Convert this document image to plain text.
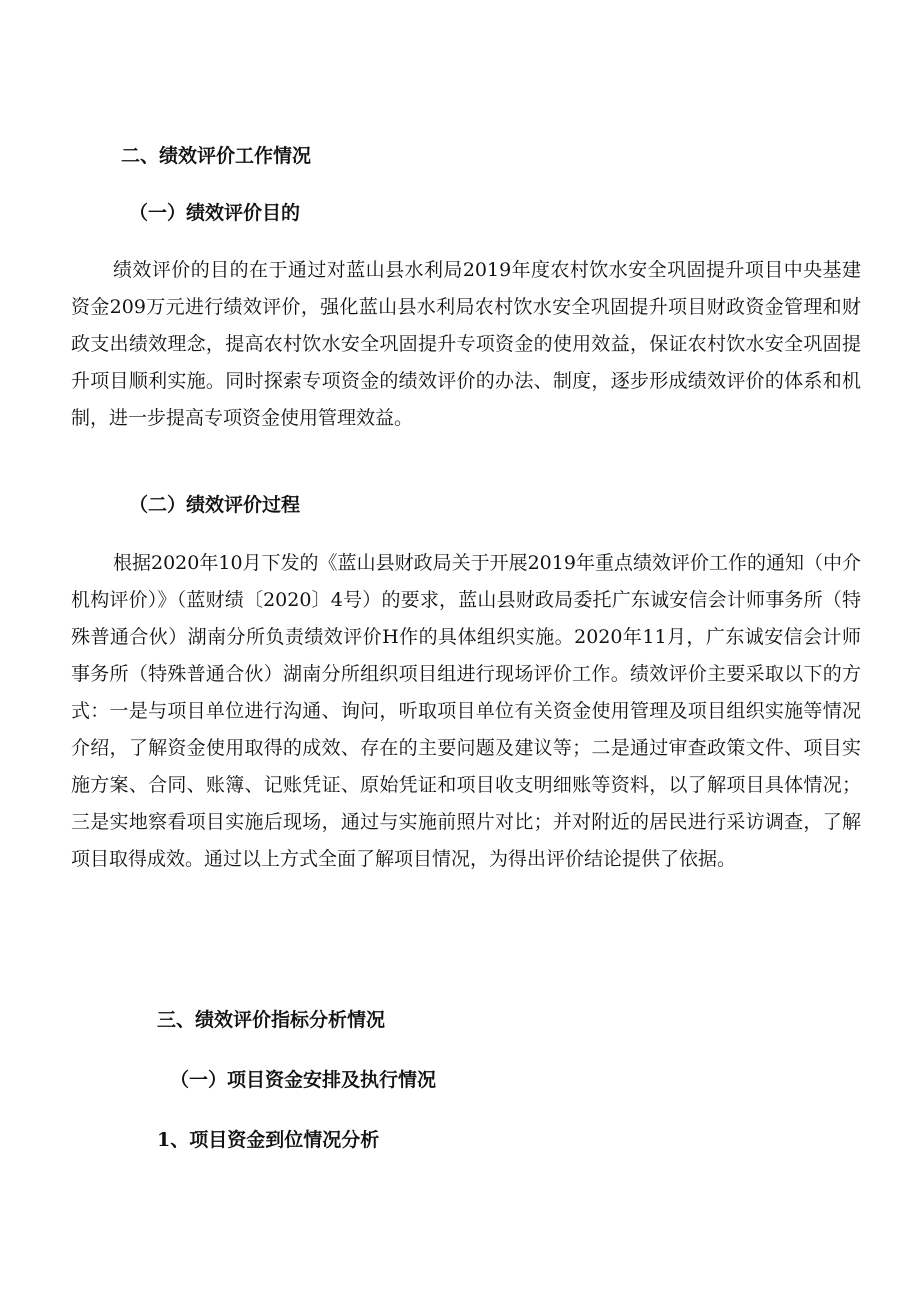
二、绩效评价工作情况
（一）绩效评价目的

绩效评价的目的在于通过对蓝山县水利局2019年度农村饮水安全巩固提升项目中央基建资金209万元进行绩效评价，强化蓝山县水利局农村饮水安全巩固提升项目财政资金管理和财政支出绩效理念，提高农村饮水安全巩固提升专项资金的使用效益，保证农村饮水安全巩固提升项目顺利实施。同时探索专项资金的绩效评价的办法、制度，逐步形成绩效评价的体系和机制，进一步提高专项资金使用管理效益。

（二）绩效评价过程

根据2020年10月下发的《蓝山县财政局关于开展2019年重点绩效评价工作的通知（中介机构评价）》（蓝财绩〔2020〕4号）的要求，蓝山县财政局委托广东诚安信会计师事务所（特殊普通合伙）湖南分所负责绩效评价H作的具体组织实施。2020年11月，广东诚安信会计师事务所（特殊普通合伙）湖南分所组织项目组进行现场评价工作。绩效评价主要采取以下的方式：一是与项目单位进行沟通、询问，听取项目单位有关资金使用管理及项目组织实施等情况介绍，了解资金使用取得的成效、存在的主要问题及建议等；二是通过审查政策文件、项目实施方案、合同、账簿、记账凭证、原始凭证和项目收支明细账等资料，以了解项目具体情况；三是实地察看项目实施后现场，通过与实施前照片对比；并对附近的居民进行采访调查，了解项目取得成效。通过以上方式全面了解项目情况，为得出评价结论提供了依据。

三、绩效评价指标分析情况
（一）项目资金安排及执行情况
1、项目资金到位情况分析
